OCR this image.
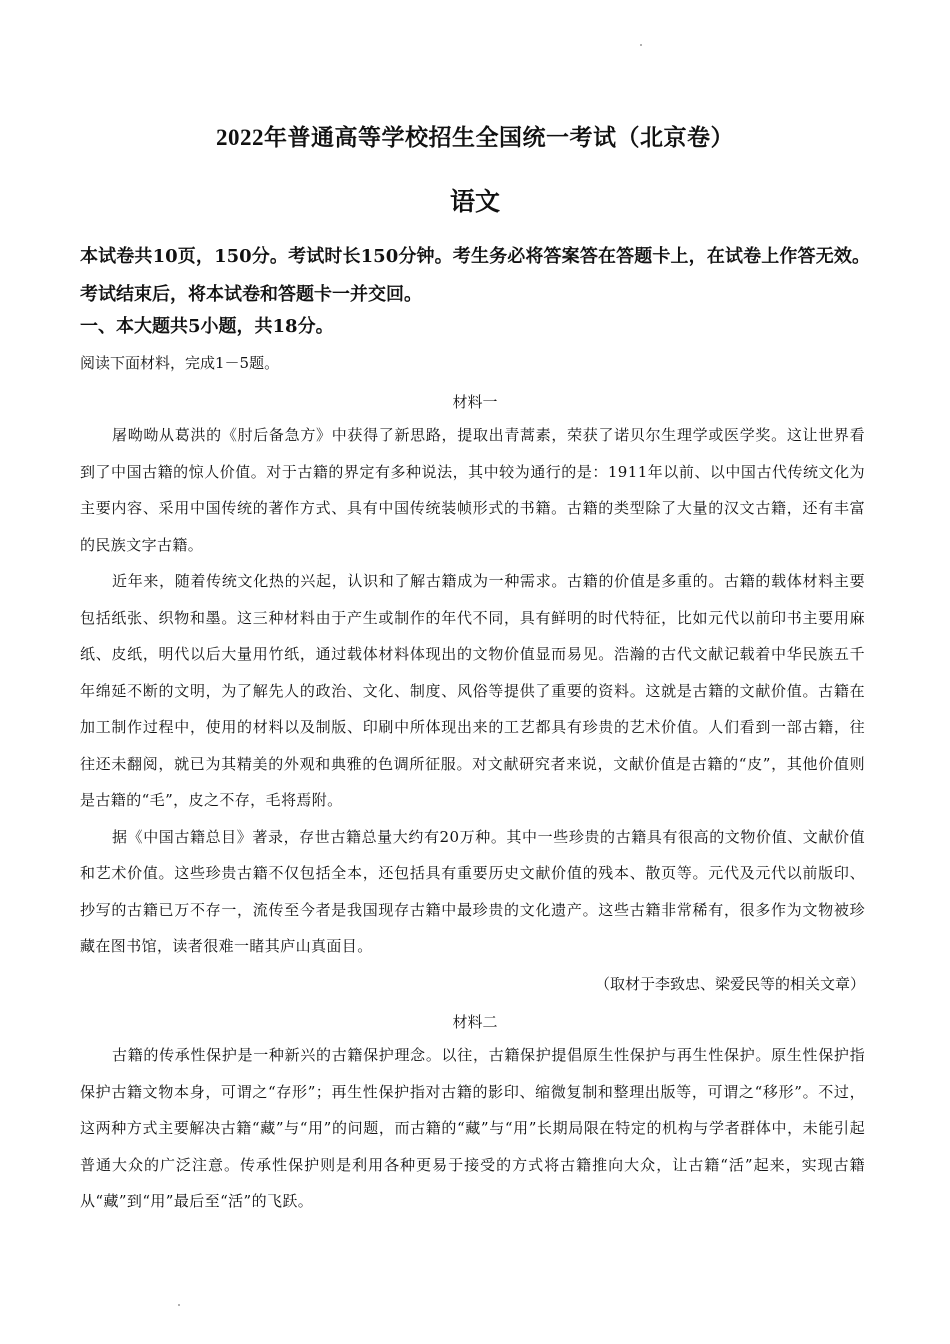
2022年普通高等学校招生全国统一考试（北京卷）
语文
本试卷共10页，150分。考试时长150分钟。考生务必将答案答在答题卡上，在试卷上作答无效。考试结束后，将本试卷和答题卡一并交回。
一、本大题共5小题，共18分。
阅读下面材料，完成1－5题。
材料一

屠呦呦从葛洪的《肘后备急方》中获得了新思路，提取出青蒿素，荣获了诺贝尔生理学或医学奖。这让世界看到了中国古籍的惊人价值。对于古籍的界定有多种说法，其中较为通行的是：1911年以前、以中国古代传统文化为主要内容、采用中国传统的著作方式、具有中国传统装帧形式的书籍。古籍的类型除了大量的汉文古籍，还有丰富的民族文字古籍。

近年来，随着传统文化热的兴起，认识和了解古籍成为一种需求。古籍的价值是多重的。古籍的载体材料主要包括纸张、织物和墨。这三种材料由于产生或制作的年代不同，具有鲜明的时代特征，比如元代以前印书主要用麻纸、皮纸，明代以后大量用竹纸，通过载体材料体现出的文物价值显而易见。浩瀚的古代文献记载着中华民族五千年绵延不断的文明，为了解先人的政治、文化、制度、风俗等提供了重要的资料。这就是古籍的文献价值。古籍在加工制作过程中，使用的材料以及制版、印刷中所体现出来的工艺都具有珍贵的艺术价值。人们看到一部古籍，往往还未翻阅，就已为其精美的外观和典雅的色调所征服。对文献研究者来说，文献价值是古籍的“皮”，其他价值则是古籍的“毛”，皮之不存，毛将焉附。

据《中国古籍总目》著录，存世古籍总量大约有20万种。其中一些珍贵的古籍具有很高的文物价值、文献价值和艺术价值。这些珍贵古籍不仅包括全本，还包括具有重要历史文献价值的残本、散页等。元代及元代以前版印、抄写的古籍已万不存一，流传至今者是我国现存古籍中最珍贵的文化遗产。这些古籍非常稀有，很多作为文物被珍藏在图书馆，读者很难一睹其庐山真面目。

（取材于李致忠、梁爱民等的相关文章）
材料二

古籍的传承性保护是一种新兴的古籍保护理念。以往，古籍保护提倡原生性保护与再生性保护。原生性保护指保护古籍文物本身，可谓之“存形”；再生性保护指对古籍的影印、缩微复制和整理出版等，可谓之“移形”。不过，这两种方式主要解决古籍“藏”与“用”的问题，而古籍的“藏”与“用”长期局限在特定的机构与学者群体中，未能引起普通大众的广泛注意。传承性保护则是利用各种更易于接受的方式将古籍推向大众，让古籍“活”起来，实现古籍从“藏”到“用”最后至“活”的飞跃。
